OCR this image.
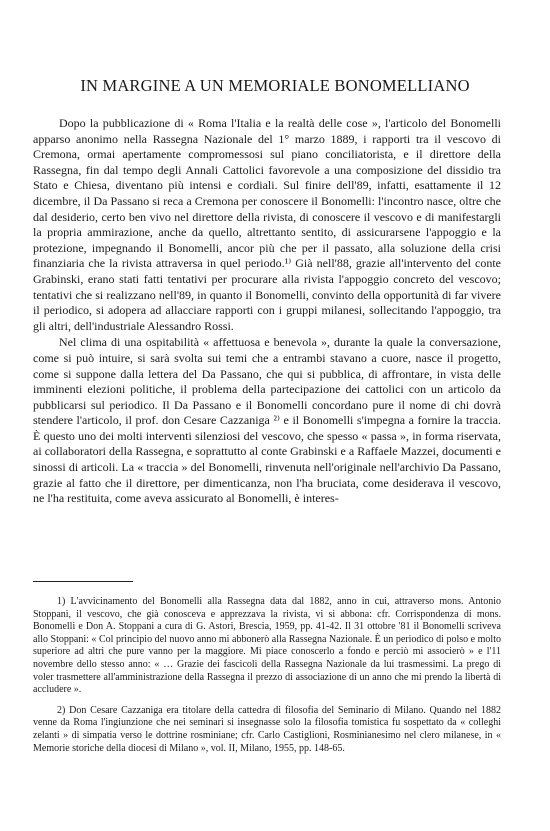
IN MARGINE A UN MEMORIALE BONOMELLIANO

Dopo la pubblicazione di « Roma l'Italia e la realtà delle cose », l'articolo del Bonomelli apparso anonimo nella Rassegna Nazionale del 1° marzo 1889, i rapporti tra il vescovo di Cremona, ormai apertamente compromessosi sul piano conciliatorista, e il direttore della Rassegna, fin dal tempo degli Annali Cattolici favorevole a una composizione del dissidio tra Stato e Chiesa, diventano più intensi e cordiali. Sul finire dell'89, infatti, esattamente il 12 dicembre, il Da Passano si reca a Cremona per conoscere il Bonomelli: l'incontro nasce, oltre che dal desiderio, certo ben vivo nel direttore della rivista, di conoscere il vescovo e di manifestargli la propria ammirazione, anche da quello, altrettanto sentito, di assicurarsene l'appoggio e la protezione, impegnando il Bonomelli, ancor più che per il passato, alla soluzione della crisi finanziaria che la rivista attraversa in quel periodo.¹⁾ Già nell'88, grazie all'intervento del conte Grabinski, erano stati fatti tentativi per procurare alla rivista l'appoggio concreto del vescovo; tentativi che si realizzano nell'89, in quanto il Bonomelli, convinto della opportunità di far vivere il periodico, si adopera ad allacciare rapporti con i gruppi milanesi, sollecitando l'appoggio, tra gli altri, dell'industriale Alessandro Rossi.

Nel clima di una ospitabilità « affettuosa e benevola », durante la quale la conversazione, come si può intuire, si sarà svolta sui temi che a entrambi stavano a cuore, nasce il progetto, come si suppone dalla lettera del Da Passano, che qui si pubblica, di affrontare, in vista delle imminenti elezioni politiche, il problema della partecipazione dei cattolici con un articolo da pubblicarsi sul periodico. Il Da Passano e il Bonomelli concordano pure il nome di chi dovrà stendere l'articolo, il prof. don Cesare Cazzaniga ²⁾ e il Bonomelli s'impegna a fornire la traccia. È questo uno dei molti interventi silenziosi del vescovo, che spesso « passa », in forma riservata, ai collaboratori della Rassegna, e soprattutto al conte Grabinski e a Raffaele Mazzei, documenti e sinossi di articoli. La « traccia » del Bonomelli, rinvenuta nell'originale nell'archivio Da Passano, grazie al fatto che il direttore, per dimenticanza, non l'ha bruciata, come desiderava il vescovo, ne l'ha restituita, come aveva assicurato al Bonomelli, è interes-

1) L'avvicinamento del Bonomelli alla Rassegna data dal 1882, anno in cui, attraverso mons. Antonio Stoppani, il vescovo, che già conosceva e apprezzava la rivista, vi si abbona: cfr. Corrispondenza di mons. Bonomelli e Don A. Stoppani a cura di G. Astori, Brescia, 1959, pp. 41-42. Il 31 ottobre '81 il Bonomelli scriveva allo Stoppani: « Col principio del nuovo anno mi abbonerò alla Rassegna Nazionale. È un periodico di polso e molto superiore ad altri che pure vanno per la maggiore. Mi piace conoscerlo a fondo e perciò mi associerò » e l'11 novembre dello stesso anno: « … Grazie dei fascicoli della Rassegna Nazionale da lui trasmessimi. La prego di voler trasmettere all'amministrazione della Rassegna il prezzo di associazione di un anno che mi prendo la libertà di accludere ».

2) Don Cesare Cazzaniga era titolare della cattedra di filosofia del Seminario di Milano. Quando nel 1882 venne da Roma l'ingiunzione che nei seminari si insegnasse solo la filosofia tomistica fu sospettato da « colleghi zelanti » di simpatia verso le dottrine rosminiane; cfr. Carlo Castiglioni, Rosminianesimo nel clero milanese, in « Memorie storiche della diocesi di Milano », vol. II, Milano, 1955, pp. 148-65.
